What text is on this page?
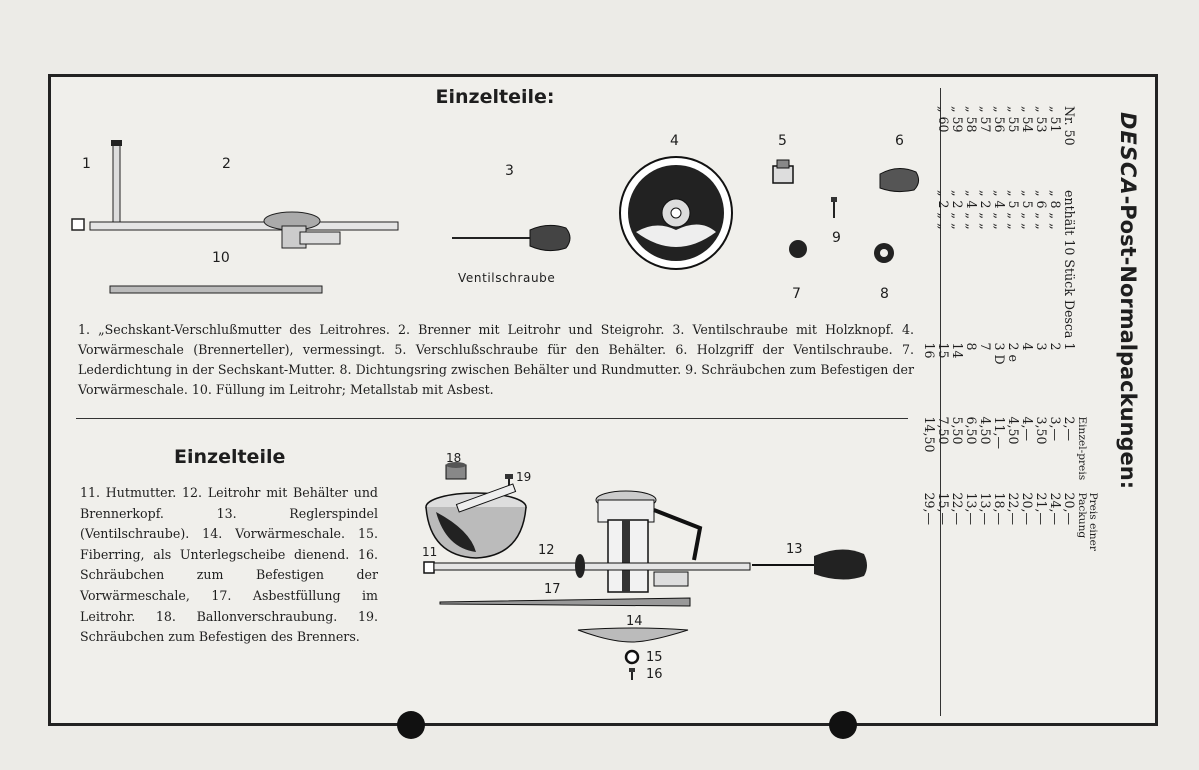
Einzelteile:
1	2	3
4	5	6
7	8
9
10
Ventilschraube
1. „Sechskant-Verschlußmutter des Leitrohres. 2. Brenner mit Leitrohr und Steigrohr. 3. Ventilschraube mit Holzknopf. 4. Vorwärmeschale (Brennerteller), vermessingt. 5. Verschlußschraube für den Behälter. 6. Holzgriff der Ventilschraube. 7. Lederdichtung in der Sechskant-Mutter. 8. Dichtungsring zwischen Behälter und Rundmutter. 9. Schräubchen zum Befestigen der Vorwärmeschale. 10. Füllung im Leitrohr; Metallstab mit Asbest.
Einzelteile
11. Hutmutter. 12. Leitrohr mit Behälter und Brennerkopf. 13. Reglerspindel (Ventilschraube). 14. Vorwärmeschale. 15. Fiberring, als Unterlegscheibe dienend. 16. Schräubchen zum Befestigen der Vorwärmeschale, 17. Asbestfüllung im Leitrohr. 18. Ballonverschraubung. 19. Schräubchen zum Befestigen des Brenners.
11	12	13
14
15
16
17
18
19
DESCA-Post-Normalpackungen:
			Einzel-preis	Preis einer Packung
Nr. 50	enthält 10 Stück Desca	1	2,—	20,—
„ 51	„ 8 „ „	2	3,—	24,—
„ 53	„ 6 „ „	3	3,50	21,—
„ 54	„ 5 „ „	4	4,—	20,—
„ 55	„ 5 „ „	2 e	4,50	22,—
„ 56	„ 4 „ „	3 D	11,—	18,—
„ 57	„ 2 „ „	7	4,50	13,—
„ 58	„ 4 „ „	8	6,50	13,—
„ 59	„ 2 „ „	14	5,50	22,—
„ 60	„ 2 „ „	15	7,50	15,—
		16	14,50	29,—
